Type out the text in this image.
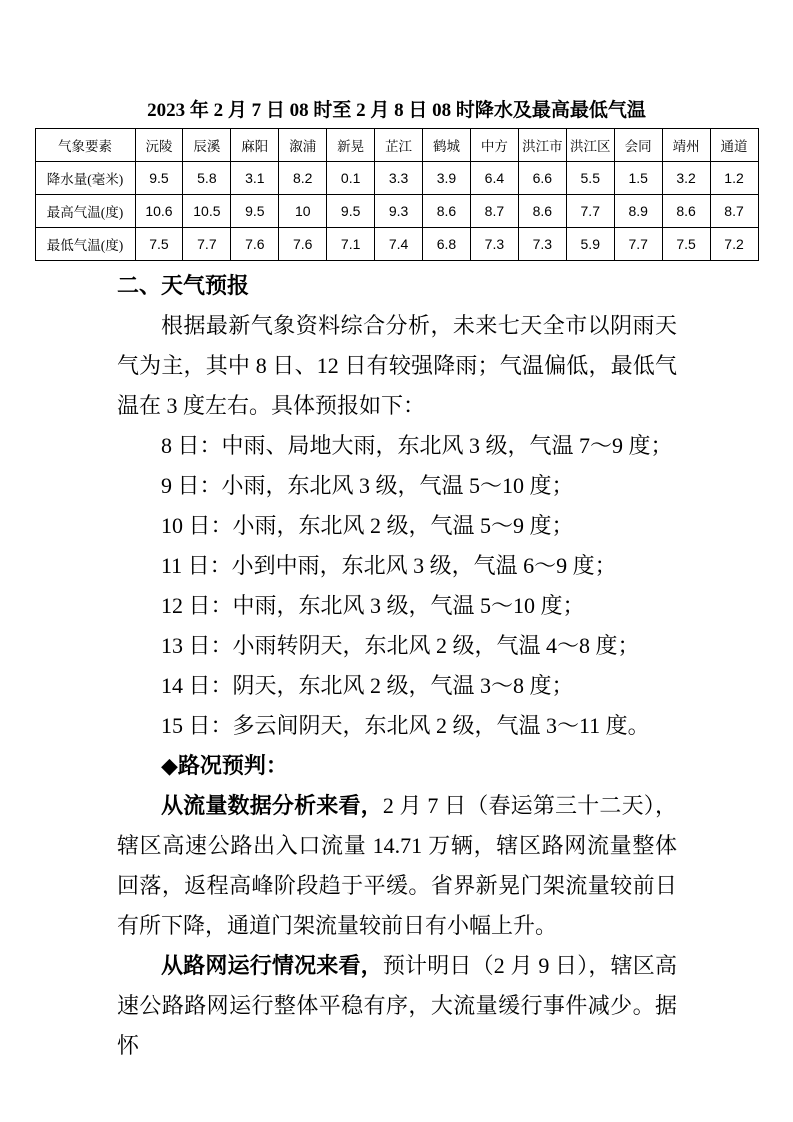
2023 年 2 月 7 日 08 时至 2 月 8 日 08 时降水及最高最低气温
气象要素	沅陵	辰溪	麻阳	溆浦	新晃	芷江	鹤城	中方	洪江市	洪江区	会同	靖州	通道
降水量(毫米)	9.5	5.8	3.1	8.2	0.1	3.3	3.9	6.4	6.6	5.5	1.5	3.2	1.2
最高气温(度)	10.6	10.5	9.5	10	9.5	9.3	8.6	8.7	8.6	7.7	8.9	8.6	8.7
最低气温(度)	7.5	7.7	7.6	7.6	7.1	7.4	6.8	7.3	7.3	5.9	7.7	7.5	7.2
二、天气预报

根据最新气象资料综合分析，未来七天全市以阴雨天气为主，其中 8 日、12 日有较强降雨；气温偏低，最低气温在 3 度左右。具体预报如下：

8 日：中雨、局地大雨，东北风 3 级，气温 7～9 度；

9 日：小雨，东北风 3 级，气温 5～10 度；

10 日：小雨，东北风 2 级，气温 5～9 度；

11 日：小到中雨，东北风 3 级，气温 6～9 度；

12 日：中雨，东北风 3 级，气温 5～10 度；

13 日：小雨转阴天，东北风 2 级，气温 4～8 度；

14 日：阴天，东北风 2 级，气温 3～8 度；

15 日：多云间阴天，东北风 2 级，气温 3～11 度。

◆路况预判：

从流量数据分析来看，2 月 7 日（春运第三十二天），辖区高速公路出入口流量 14.71 万辆，辖区路网流量整体回落，返程高峰阶段趋于平缓。省界新晃门架流量较前日有所下降，通道门架流量较前日有小幅上升。

从路网运行情况来看，预计明日（2 月 9 日），辖区高速公路路网运行整体平稳有序，大流量缓行事件减少。据怀
